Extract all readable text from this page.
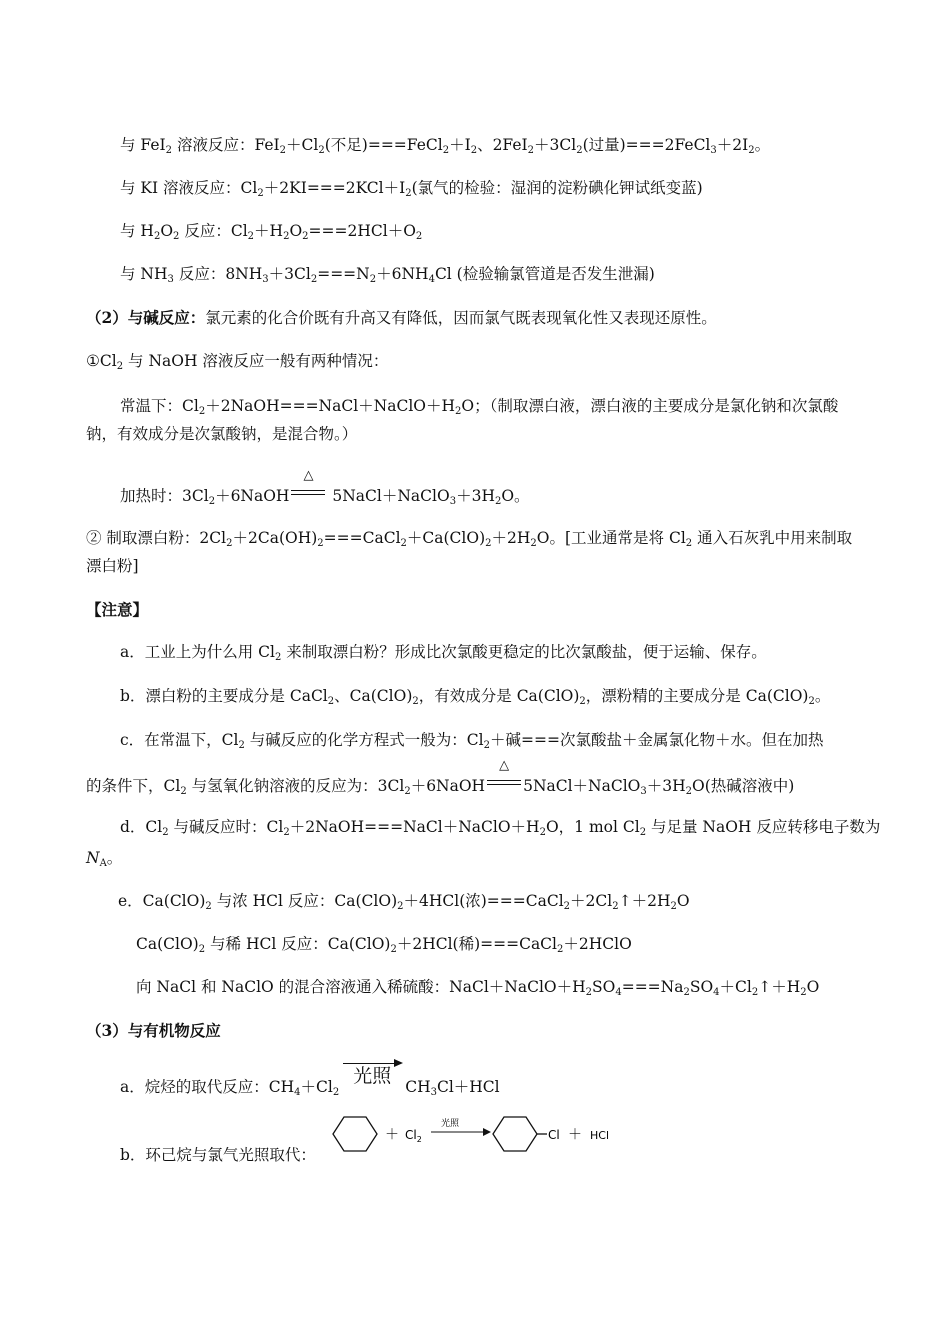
与 FeI$_2$ 溶液反应：$FeI_2+Cl_2$(不足)$===FeCl_2+I_2$、$2FeI_2+3Cl_2$(过量)$===2FeCl_3+2I_2$。
与 KI 溶液反应：$Cl_2+2KI===2KCl+I_2$(氯气的检验：湿润的淀粉碘化钾试纸变蓝)
与 $H_2O_2$ 反应：$Cl_2+H_2O_2===2HCl+O_2$
与 $NH_3$ 反应：$8NH_3+3Cl_2===N_2+6NH_4Cl$ (检验输氯管道是否发生泄漏)
（2）与碱反应：氯元素的化合价既有升高又有降低，因而氯气既表现氧化性又表现还原性。
$①Cl_2$ 与 NaOH 溶液反应一般有两种情况：
常温下：$Cl_2+2NaOH===NaCl+NaClO+H_2O$；（制取漂白液，漂白液的主要成分是氯化钠和次氯酸钠，有效成分是次氯酸钠，是混合物。）
加热时：$3Cl_2+6NaOH$
△
$5NaCl+NaClO_3+3H_2O$。
② 制取漂白粉：$2Cl_2+2Ca(OH)_2===CaCl_2+Ca(ClO)_2+2H_2O$。[工业通常是将 $Cl_2$ 通入石灰乳中用来制取漂白粉]
【注意】
a．工业上为什么用 $Cl_2$ 来制取漂白粉？形成比次氯酸更稳定的比次氯酸盐，便于运输、保存。
b．漂白粉的主要成分是 CaCl$_2$、$Ca(ClO)_2$，有效成分是 $Ca(ClO)_2$，漂粉精的主要成分是 $Ca(ClO)_2$。
c．在常温下，$Cl_2$ 与碱反应的化学方程式一般为：$Cl_2+$碱===次氯酸盐＋金属氯化物＋水。但在加热
的条件下，$Cl_2$ 与氢氧化钠溶液的反应为：$3Cl_2+6NaOH$
△
$5NaCl+NaClO_3+3H_2O$(热碱溶液中)
d．$Cl_2$ 与碱反应时：$Cl_2+2NaOH===NaCl+NaClO+H_2O$，1 mol $Cl_2$ 与足量 NaOH 反应转移电子数为
$N_A$。
e．$Ca(ClO)_2$ 与浓 HCl 反应：$Ca(ClO)_2+4HCl$(浓)$===CaCl_2+2Cl_2↑+2H_2O$
$Ca(ClO)_2$ 与稀 HCl 反应：$Ca(ClO)_2+2HCl$(稀)===CaCl$_2$＋2HClO
向 NaCl 和 NaClO 的混合溶液通入稀硫酸：$NaCl+NaClO+H_2SO_4===Na_2SO_4+Cl_2↑+H_2O$
（3）与有机物反应
a．烷烃的取代反应：$CH_4+Cl_2$
光照 $CH_3Cl+HCl$
b．环己烷与氯气光照取代：
＋ $Cl_2$
光照
Cl ＋ HCl
